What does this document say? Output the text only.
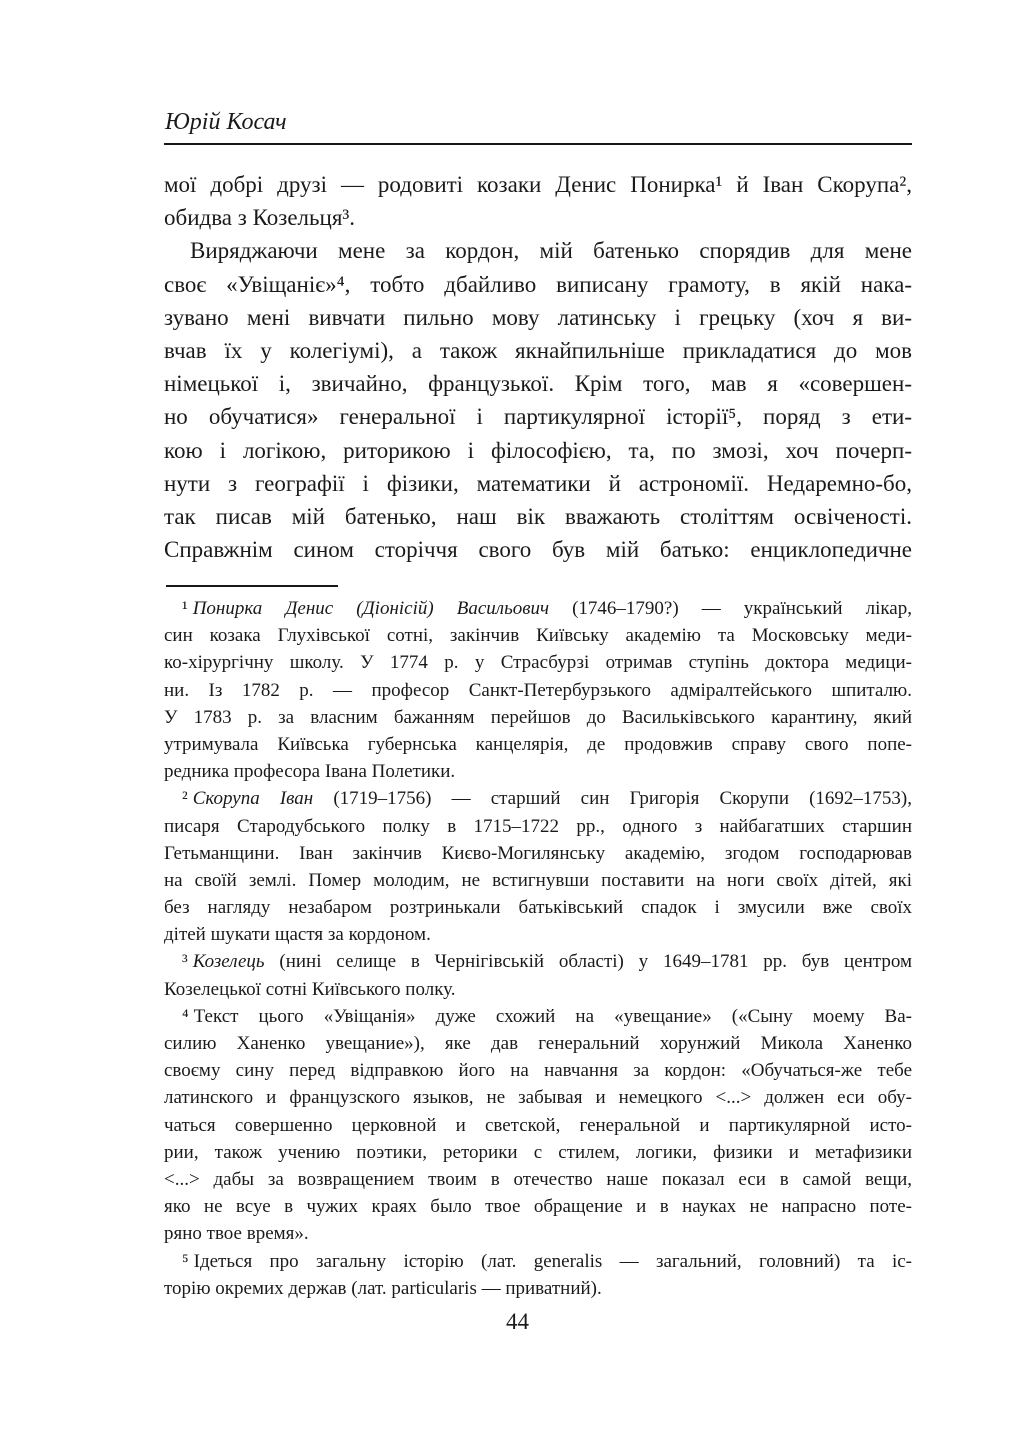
Юрій Косач
мої добрі друзі — родовиті козаки Денис Понирка¹ й Іван Скорупа²,
обидва з Козельця³.
Виряджаючи мене за кордон, мій батенько спорядив для мене
своє «Увіщаніє»⁴, тобто дбайливо виписану грамоту, в якій нака-
зувано мені вивчати пильно мову латинську і грецьку (хоч я ви-
вчав їх у колегіумі), а також якнайпильніше прикладатися до мов
німецької і, звичайно, французької. Крім того, мав я «совершен-
но обучатися» генеральної і партикулярної історії⁵, поряд з ети-
кою і логікою, риторикою і філософією, та, по змозі, хоч почерп-
нути з географії і фізики, математики й астрономії. Недаремно-бо,
так писав мій батенько, наш вік вважають століттям освіченості.
Справжнім сином сторіччя свого був мій батько: енциклопедичне
¹ Понирка Денис (Діонісій) Васильович (1746–1790?) — український лікар,
син козака Глухівської сотні, закінчив Київську академію та Московську меди-
ко-хірургічну школу. У 1774 р. у Страсбурзі отримав ступінь доктора медици-
ни. Із 1782 р. — професор Санкт-Петербурзького адміралтейського шпиталю.
У 1783 р. за власним бажанням перейшов до Васильківського карантину, який
утримувала Київська губернська канцелярія, де продовжив справу свого попе-
редника професора Івана Полетики.
² Скорупа Іван (1719–1756) — старший син Григорія Скорупи (1692–1753),
писаря Стародубського полку в 1715–1722 рр., одного з найбагатших старшин
Гетьманщини. Іван закінчив Києво-Могилянську академію, згодом господарював
на своїй землі. Помер молодим, не встигнувши поставити на ноги своїх дітей, які
без нагляду незабаром розтринькали батьківський спадок і змусили вже своїх
дітей шукати щастя за кордоном.
³ Козелець (нині селище в Чернігівській області) у 1649–1781 рр. був центром
Козелецької сотні Київського полку.
⁴ Текст цього «Увіщанія» дуже схожий на «увещание» («Сыну моему Ва-
силию Ханенко увещание»), яке дав генеральний хорунжий Микола Ханенко
своєму сину перед відправкою його на навчання за кордон: «Обучаться-же тебе
латинского и французского языков, не забывая и немецкого <...> должен еси обу-
чаться совершенно церковной и светской, генеральной и партикулярной исто-
рии, також учению поэтики, реторики с стилем, логики, физики и метафизики
<...> дабы за возвращением твоим в отечество наше показал еси в самой вещи,
яко не всуе в чужих краях было твое обращение и в науках не напрасно поте-
ряно твое время».
⁵ Ідеться про загальну історію (лат. generalis — загальний, головний) та іс-
торію окремих держав (лат. particularis — приватний).
44
